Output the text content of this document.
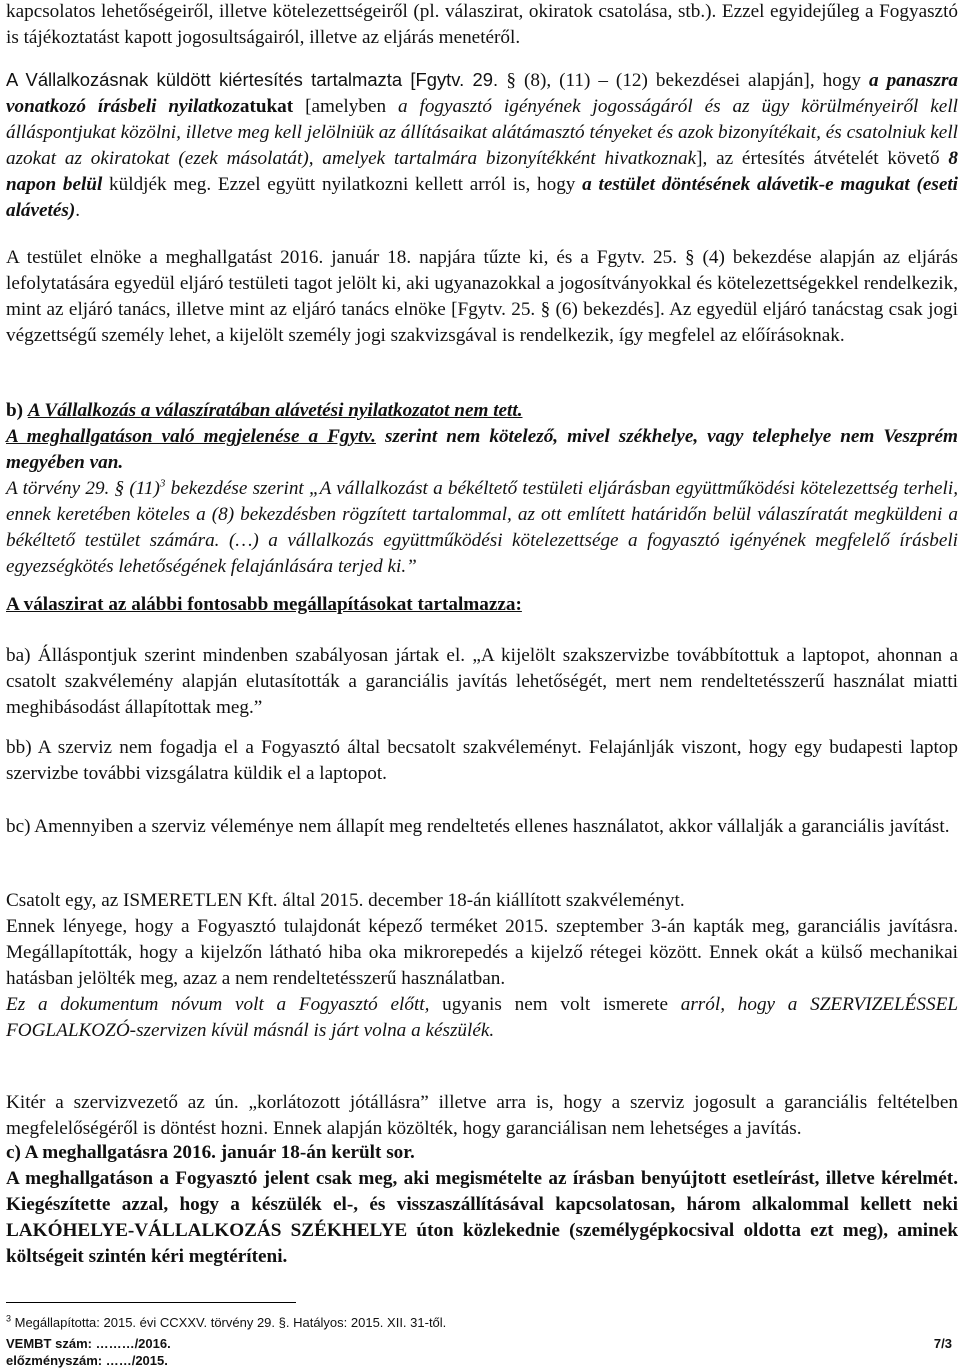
kapcsolatos lehetőségeiről, illetve kötelezettségeiről (pl. válaszirat, okiratok csatolása, stb.). Ezzel egyidejűleg a Fogyasztó is tájékoztatást kapott jogosultságairól, illetve az eljárás menetéről.
A Vállalkozásnak küldött kiértesítés tartalmazta [Fgytv. 29. § (8), (11) – (12) bekezdései alapján], hogy a panaszra vonatkozó írásbeli nyilatkozatukat [amelyben a fogyasztó igényének jogosságáról és az ügy körülményeiről kell álláspontjukat közölni, illetve meg kell jelölniük az állításaikat alátámasztó tényeket és azok bizonyítékait, és csatolniuk kell azokat az okiratokat (ezek másolatát), amelyek tartalmára bizonyítékként hivatkoznak], az értesítés átvételét követő 8 napon belül küldjék meg. Ezzel együtt nyilatkozni kellett arról is, hogy a testület döntésének alávetik-e magukat (eseti alávetés).
A testület elnöke a meghallgatást 2016. január 18. napjára tűzte ki, és a Fgytv. 25. § (4) bekezdése alapján az eljárás lefolytatására egyedül eljáró testületi tagot jelölt ki, aki ugyanazokkal a jogosítványokkal és kötelezettségekkel rendelkezik, mint az eljáró tanács, illetve mint az eljáró tanács elnöke [Fgytv. 25. § (6) bekezdés]. Az egyedül eljáró tanácstag csak jogi végzettségű személy lehet, a kijelölt személy jogi szakvizsgával is rendelkezik, így megfelel az előírásoknak.
b) A Vállalkozás a válaszíratában alávetési nyilatkozatot nem tett.
A meghallgatáson való megjelenése a Fgytv. szerint nem kötelező, mivel székhelye, vagy telephelye nem Veszprém megyében van.
A törvény 29. § $(11)^3$ bekezdése szerint „A vállalkozást a békéltető testületi eljárásban együttműködési kötelezettség terheli, ennek keretében köteles a (8) bekezdésben rögzített tartalommal, az ott említett határidőn belül válaszíratát megküldeni a békéltető testület számára. (…) a vállalkozás együttműködési kötelezettsége a fogyasztó igényének megfelelő írásbeli egyezségkötés lehetőségének felajánlására terjed ki.”
A válaszirat az alábbi fontosabb megállapításokat tartalmazza:
ba) Álláspontjuk szerint mindenben szabályosan jártak el. „A kijelölt szakszervizbe továbbítottuk a laptopot, ahonnan a csatolt szakvélemény alapján elutasították a garanciális javítás lehetőségét, mert nem rendeltetésszerű használat miatti meghibásodást állapítottak meg.”
bb) A szerviz nem fogadja el a Fogyasztó által becsatolt szakvéleményt. Felajánlják viszont, hogy egy budapesti laptop szervizbe további vizsgálatra küldik el a laptopot.
bc) Amennyiben a szerviz véleménye nem állapít meg rendeltetés ellenes használatot, akkor vállalják a garanciális javítást.
Csatolt egy, az ISMERETLEN Kft. által 2015. december 18-án kiállított szakvéleményt.
Ennek lényege, hogy a Fogyasztó tulajdonát képező terméket 2015. szeptember 3-án kapták meg, garanciális javításra. Megállapították, hogy a kijelzőn látható hiba oka mikrorepedés a kijelző rétegei között. Ennek okát a külső mechanikai hatásban jelölték meg, azaz a nem rendeltetésszerű használatban.
Ez a dokumentum nóvum volt a Fogyasztó előtt, ugyanis nem volt ismerete arról, hogy a SZERVIZELÉSSEL FOGLALKOZÓ-szervizen kívül másnál is járt volna a készülék.
Kitér a szervizvezető az ún. „korlátozott jótállásra” illetve arra is, hogy a szerviz jogosult a garanciális feltételben megfelelőségéről is döntést hozni. Ennek alapján közölték, hogy garanciálisan nem lehetséges a javítás.
c) A meghallgatásra 2016. január 18-án került sor.
A meghallgatáson a Fogyasztó jelent csak meg, aki megismételte az írásban benyújtott esetleírást, illetve kérelmét. Kiegészítette azzal, hogy a készülék el-, és visszaszállításával kapcsolatosan, három alkalommal kellett neki LAKÓHELYE-VÁLLALKOZÁS SZÉKHELYE úton közlekednie (személygépkocsival oldotta ezt meg), aminek költségeit szintén kéri megtéríteni.
$^3$ Megállapította: 2015. évi CCXXV. törvény 29. §. Hatályos: 2015. XII. 31-től.
VEMBT szám: ………/2016.	7/3
előzményszám: ……/2015.
